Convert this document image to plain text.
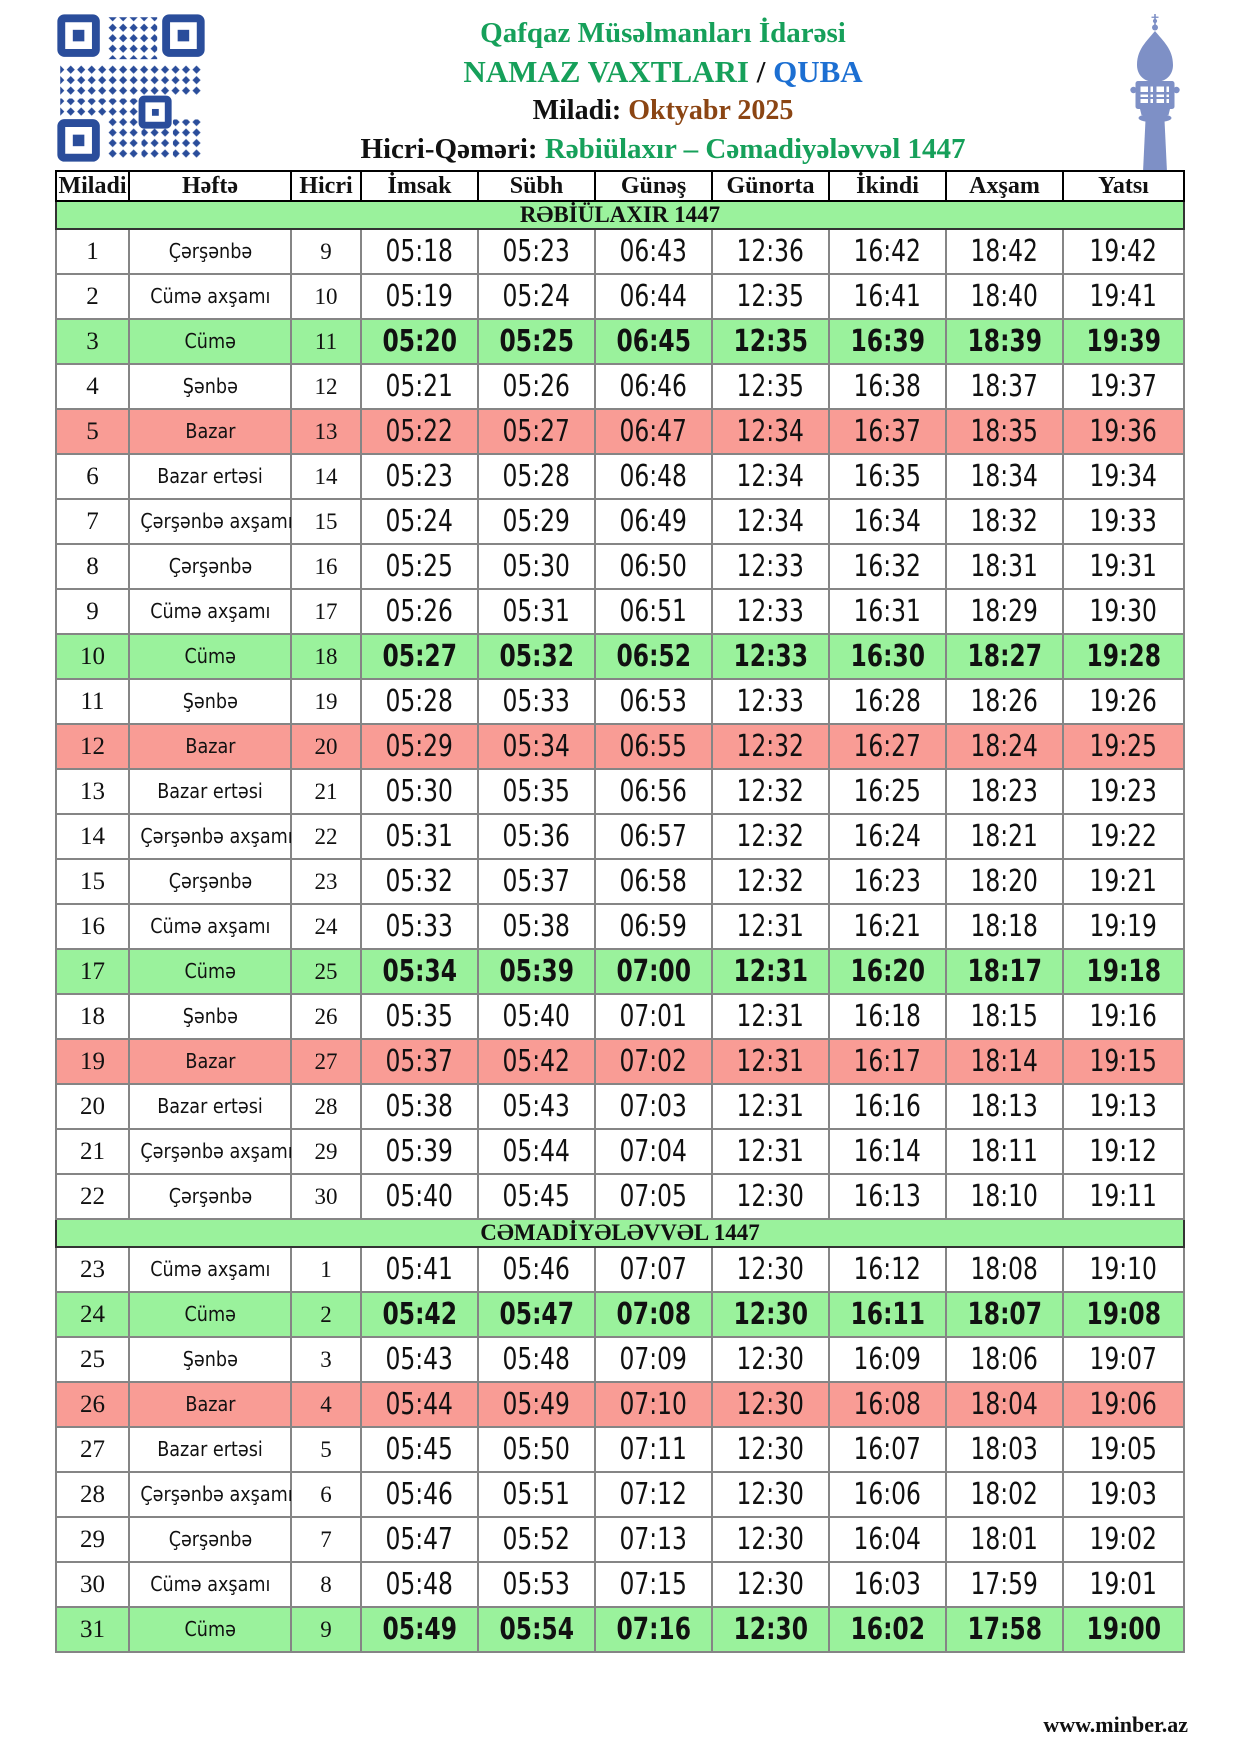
Qafqaz Müsəlmanları İdarəsi
NAMAZ VAXTLARI / QUBA
Miladi: Oktyabr 2025
Hicri-Qəməri: Rəbiülaxır – Cəmadiyələvvəl 1447
Miladi	Həftə	Hicri	İmsak	Sübh	Günəş	Günorta	İkindi	Axşam	Yatsı
RƏBİÜLAXIR 1447									
1	Çərşənbə	9	05:18	05:23	06:43	12:36	16:42	18:42	19:42
2	Cümə axşamı	10	05:19	05:24	06:44	12:35	16:41	18:40	19:41
3	Cümə	11	05:20	05:25	06:45	12:35	16:39	18:39	19:39
4	Şənbə	12	05:21	05:26	06:46	12:35	16:38	18:37	19:37
5	Bazar	13	05:22	05:27	06:47	12:34	16:37	18:35	19:36
6	Bazar ertəsi	14	05:23	05:28	06:48	12:34	16:35	18:34	19:34
7	Çərşənbə axşamı	15	05:24	05:29	06:49	12:34	16:34	18:32	19:33
8	Çərşənbə	16	05:25	05:30	06:50	12:33	16:32	18:31	19:31
9	Cümə axşamı	17	05:26	05:31	06:51	12:33	16:31	18:29	19:30
10	Cümə	18	05:27	05:32	06:52	12:33	16:30	18:27	19:28
11	Şənbə	19	05:28	05:33	06:53	12:33	16:28	18:26	19:26
12	Bazar	20	05:29	05:34	06:55	12:32	16:27	18:24	19:25
13	Bazar ertəsi	21	05:30	05:35	06:56	12:32	16:25	18:23	19:23
14	Çərşənbə axşamı	22	05:31	05:36	06:57	12:32	16:24	18:21	19:22
15	Çərşənbə	23	05:32	05:37	06:58	12:32	16:23	18:20	19:21
16	Cümə axşamı	24	05:33	05:38	06:59	12:31	16:21	18:18	19:19
17	Cümə	25	05:34	05:39	07:00	12:31	16:20	18:17	19:18
18	Şənbə	26	05:35	05:40	07:01	12:31	16:18	18:15	19:16
19	Bazar	27	05:37	05:42	07:02	12:31	16:17	18:14	19:15
20	Bazar ertəsi	28	05:38	05:43	07:03	12:31	16:16	18:13	19:13
21	Çərşənbə axşamı	29	05:39	05:44	07:04	12:31	16:14	18:11	19:12
22	Çərşənbə	30	05:40	05:45	07:05	12:30	16:13	18:10	19:11
CƏMADİYƏLƏVVƏL 1447									
23	Cümə axşamı	1	05:41	05:46	07:07	12:30	16:12	18:08	19:10
24	Cümə	2	05:42	05:47	07:08	12:30	16:11	18:07	19:08
25	Şənbə	3	05:43	05:48	07:09	12:30	16:09	18:06	19:07
26	Bazar	4	05:44	05:49	07:10	12:30	16:08	18:04	19:06
27	Bazar ertəsi	5	05:45	05:50	07:11	12:30	16:07	18:03	19:05
28	Çərşənbə axşamı	6	05:46	05:51	07:12	12:30	16:06	18:02	19:03
29	Çərşənbə	7	05:47	05:52	07:13	12:30	16:04	18:01	19:02
30	Cümə axşamı	8	05:48	05:53	07:15	12:30	16:03	17:59	19:01
31	Cümə	9	05:49	05:54	07:16	12:30	16:02	17:58	19:00
www.minber.az
